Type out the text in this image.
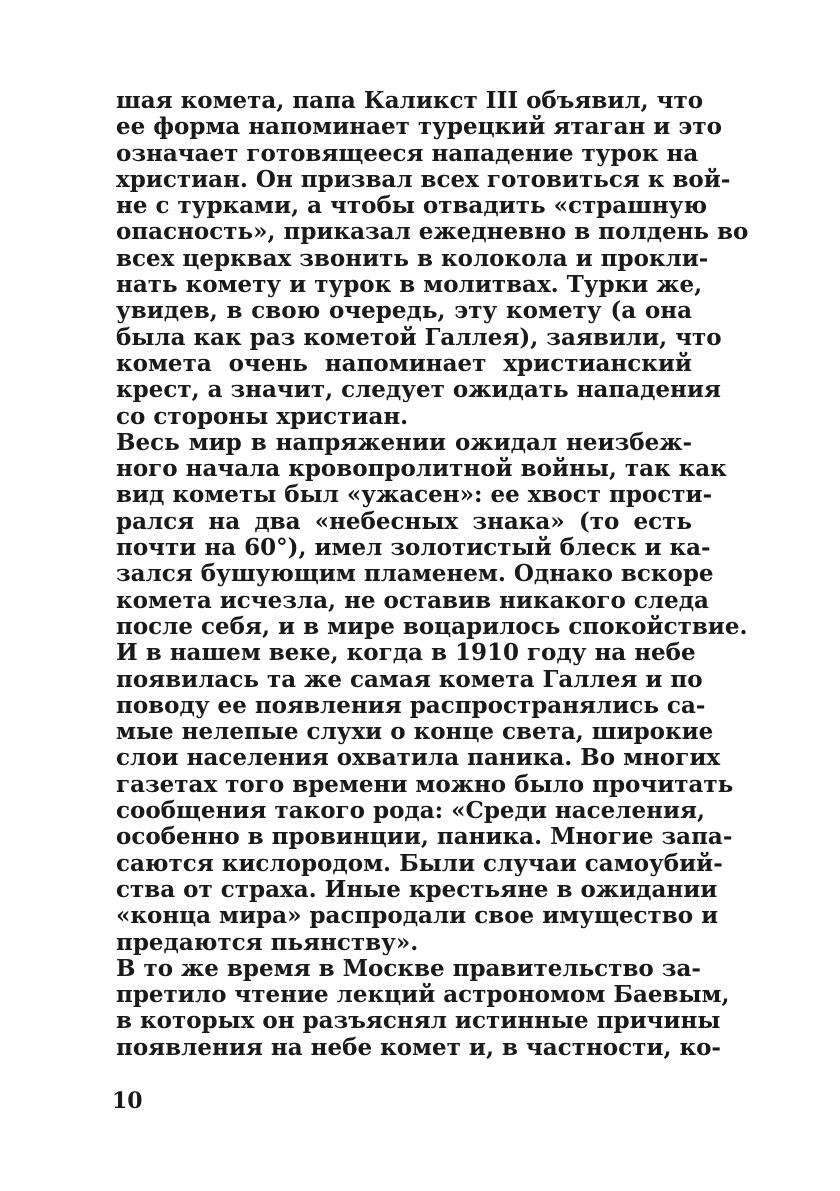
шая комета, папа Каликст III объявил, что
ее форма напоминает турецкий ятаган и это
означает готовящееся нападение турок на
христиан. Он призвал всех готовиться к вой-
не с турками, а чтобы отвадить «страшную
опасность», приказал ежедневно в полдень во
всех церквах звонить в колокола и прокли-
нать комету и турок в молитвах. Турки же,
увидев, в свою очередь, эту комету (а она
была как раз кометой Галлея), заявили, что
комета очень напоминает христианский
крест, а значит, следует ожидать нападения
со стороны христиан.
Весь мир в напряжении ожидал неизбеж-
ного начала кровопролитной войны, так как
вид кометы был «ужасен»: ее хвост прости-
рался на два «небесных знака» (то есть
почти на 60°), имел золотистый блеск и ка-
зался бушующим пламенем. Однако вскоре
комета исчезла, не оставив никакого следа
после себя, и в мире воцарилось спокойствие.
И в нашем веке, когда в 1910 году на небе
появилась та же самая комета Галлея и по
поводу ее появления распространялись са-
мые нелепые слухи о конце света, широкие
слои населения охватила паника. Во многих
газетах того времени можно было прочитать
сообщения такого рода: «Среди населения,
особенно в провинции, паника. Многие запа-
саются кислородом. Были случаи самоубий-
ства от страха. Иные крестьяне в ожидании
«конца мира» распродали свое имущество и
предаются пьянству».
В то же время в Москве правительство за-
претило чтение лекций астрономом Баевым,
в которых он разъяснял истинные причины
появления на небе комет и, в частности, ко-
10
